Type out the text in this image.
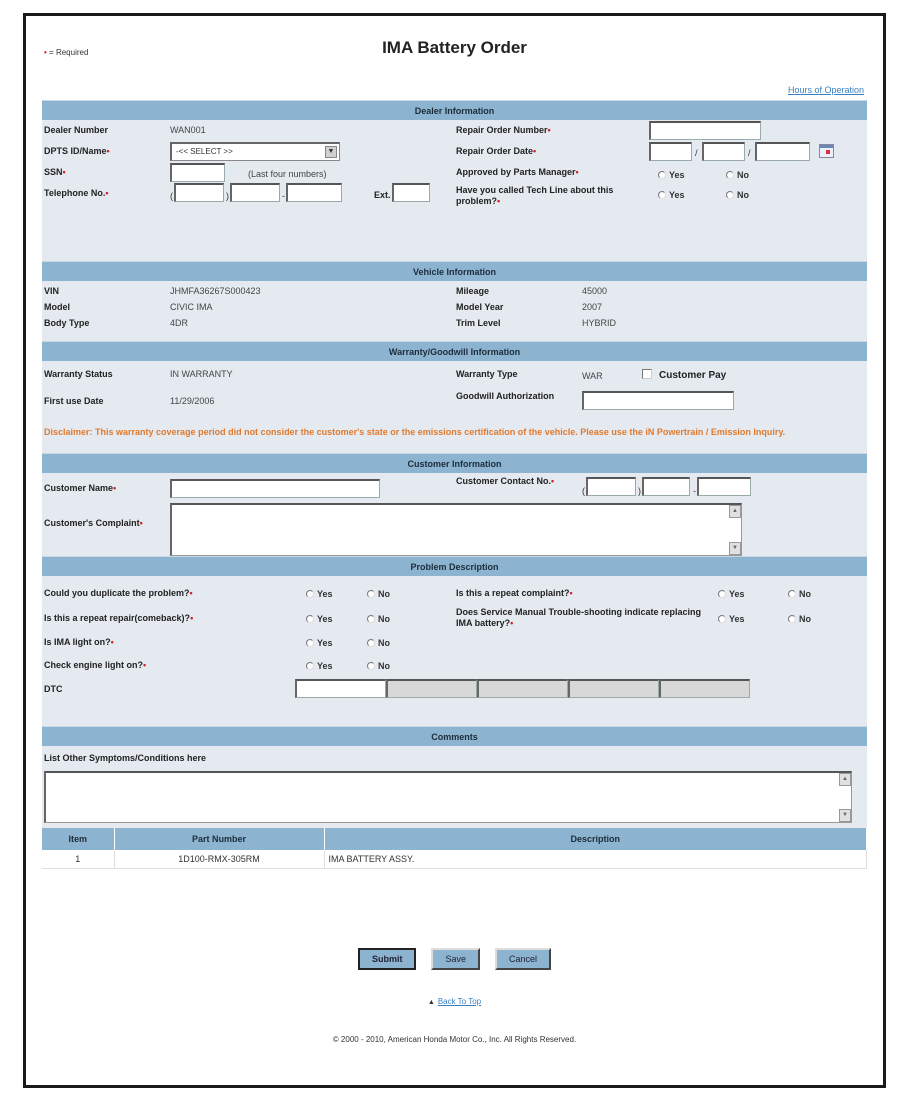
• = Required	IMA Battery Order
Hours of Operation
Dealer Information
Dealer Number	WAN001
DPTS ID/Name•	-<< SELECT >>	▼
SSN•	(Last four numbers)
Telephone No.•	(	)	-	Ext.
Repair Order Number•
Repair Order Date•	/	/
Approved by Parts Manager•	Yes	No
Have you called Tech Line about this problem?•
Yes	No
Vehicle Information
VIN	JHMFA36267S000423
Model	CIVIC IMA
Body Type	4DR
Mileage	45000
Model Year	2007
Trim Level	HYBRID
Warranty/Goodwill Information
Warranty Status	IN WARRANTY
First use Date	11/29/2006
Warranty Type	WAR	Customer Pay
Goodwill Authorization
Disclaimer: This warranty coverage period did not consider the customer's state or the emissions certification of the vehicle. Please use the iN Powertrain / Emission Inquiry.
Customer Information
Customer Name•
Customer Contact No.•
(	)	-
Customer's Complaint•
▲
▼
Problem Description
Could you duplicate the problem?•	Yes	No
Is this a repeat repair(comeback)?•	Yes	No
Is IMA light on?•	Yes	No
Check engine light on?•	Yes	No
DTC
Is this a repeat complaint?•	Yes	No
Does Service Manual Trouble-shooting indicate replacing IMA battery?•	Yes	No
Comments
List Other Symptoms/Conditions here
▲
▼
Item	Part Number	Description
1	1D100-RMX-305RM	IMA BATTERY ASSY.
Submit	Save	Cancel
▲ Back To Top
© 2000 - 2010, American Honda Motor Co., Inc. All Rights Reserved.
